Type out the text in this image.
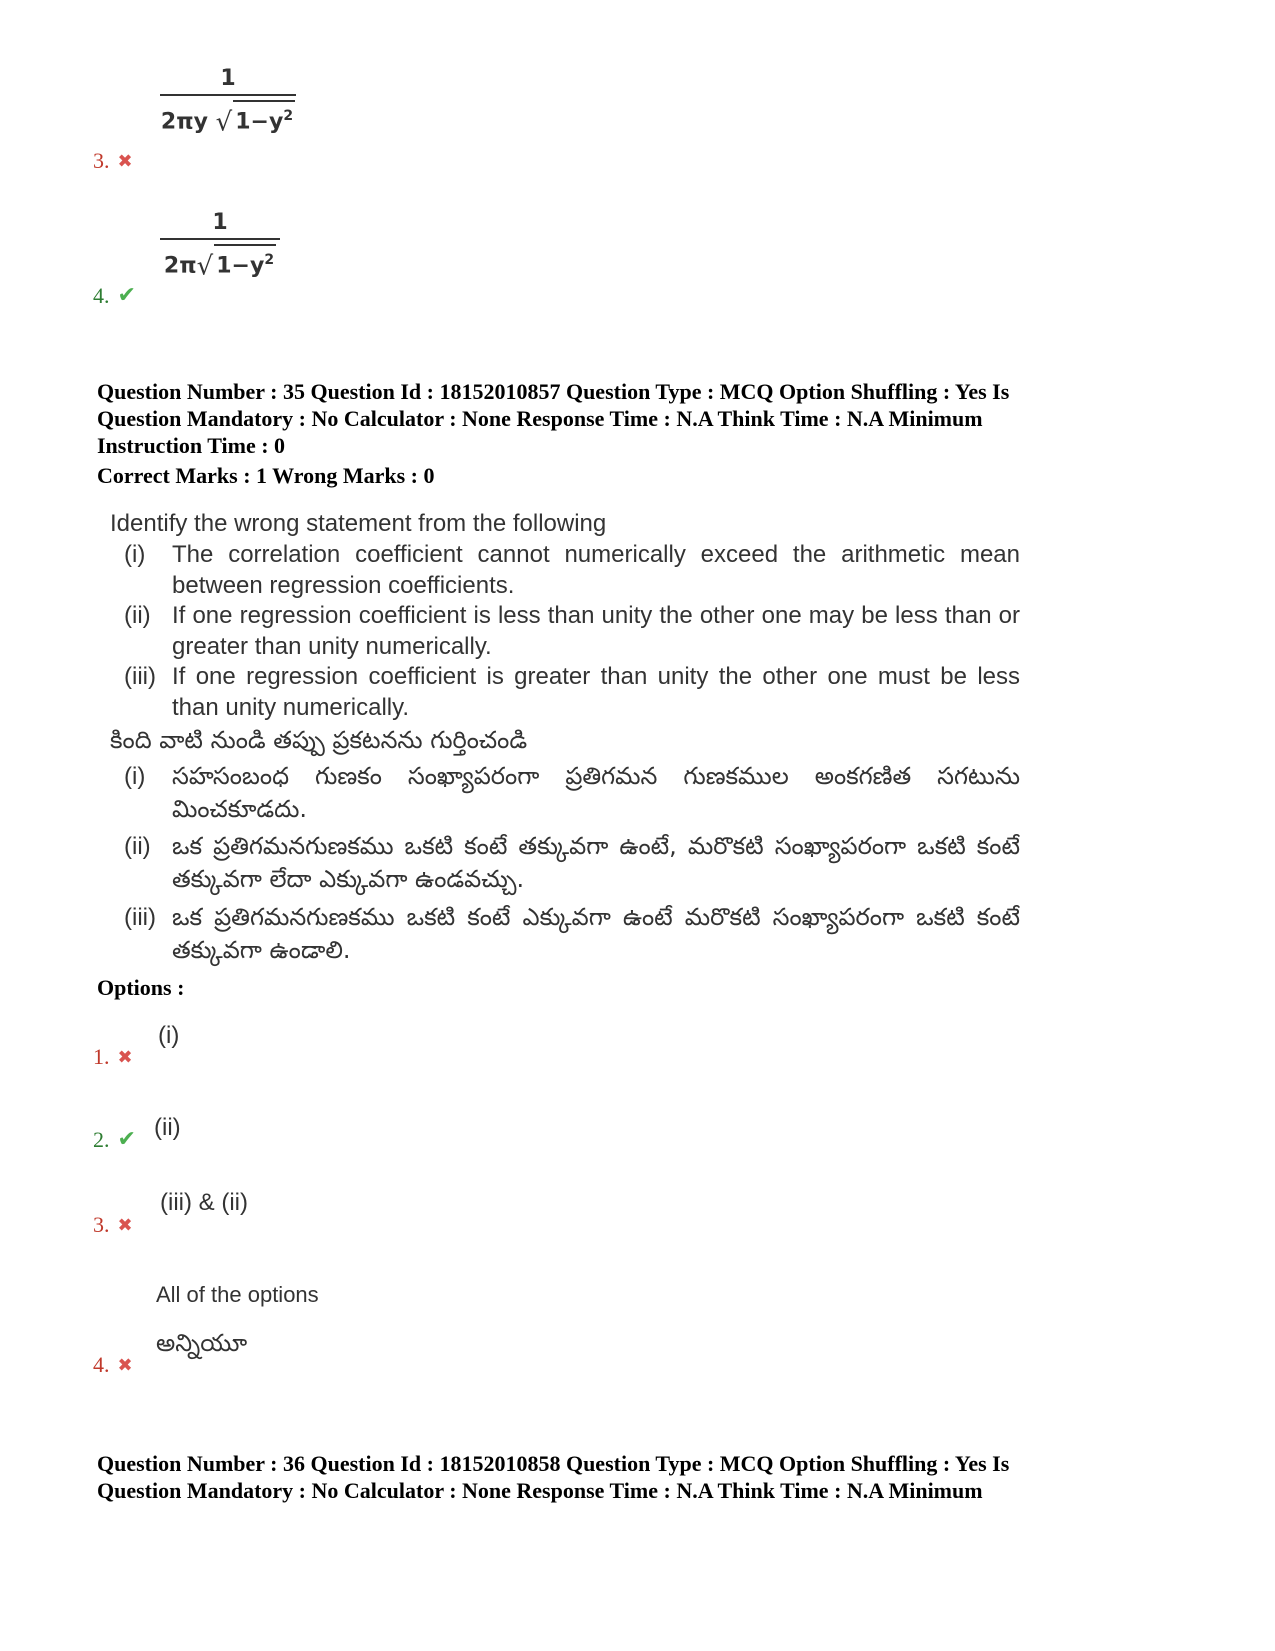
1
2πy √ $1-y^2$
3. ✖
1
2π√ $1-y^2$
4. ✔
Question Number : 35 Question Id : 18152010857 Question Type : MCQ Option Shuffling : Yes Is
Question Mandatory : No Calculator : None Response Time : N.A Think Time : N.A Minimum
Instruction Time : 0
Correct Marks : 1 Wrong Marks : 0
Identify the wrong statement from the following
(i) The correlation coefficient cannot numerically exceed the arithmetic mean between regression coefficients.
(ii) If one regression coefficient is less than unity the other one may be less than or greater than unity numerically.
(iii) If one regression coefficient is greater than unity the other one must be less than unity numerically.
కింది వాటి నుండి తప్పు ప్రకటనను గుర్తించండి
(i) సహసంబంధ గుణకం సంఖ్యాపరంగా ప్రతిగమన గుణకముల అంకగణిత సగటును మించకూడదు.
(ii) ఒక ప్రతిగమనగుణకము ఒకటి కంటే తక్కువగా ఉంటే, మరొకటి సంఖ్యాపరంగా ఒకటి కంటే తక్కువగా లేదా ఎక్కువగా ఉండవచ్చు.
(iii) ఒక ప్రతిగమనగుణకము ఒకటి కంటే ఎక్కువగా ఉంటే మరొకటి సంఖ్యాపరంగా ఒకటి కంటే తక్కువగా ఉండాలి.
Options :
(i)
1. ✖
(ii)
2. ✔
(iii) & (ii)
3. ✖
All of the options
అన్నియూ
4. ✖
Question Number : 36 Question Id : 18152010858 Question Type : MCQ Option Shuffling : Yes Is
Question Mandatory : No Calculator : None Response Time : N.A Think Time : N.A Minimum
